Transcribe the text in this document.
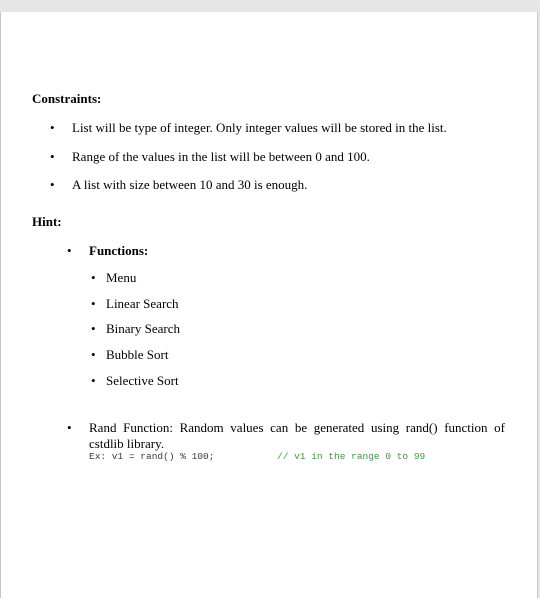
Constraints:
• List will be type of integer. Only integer values will be stored in the list.
• Range of the values in the list will be between 0 and 100.
• A list with size between 10 and 30 is enough.
Hint:
• Functions:
• Menu
• Linear Search
• Binary Search
• Bubble Sort
• Selective Sort
• Rand Function: Random values can be generated using rand() function of cstdlib library.
Ex: v1 = rand() % 100;	// v1 in the range 0 to 99
